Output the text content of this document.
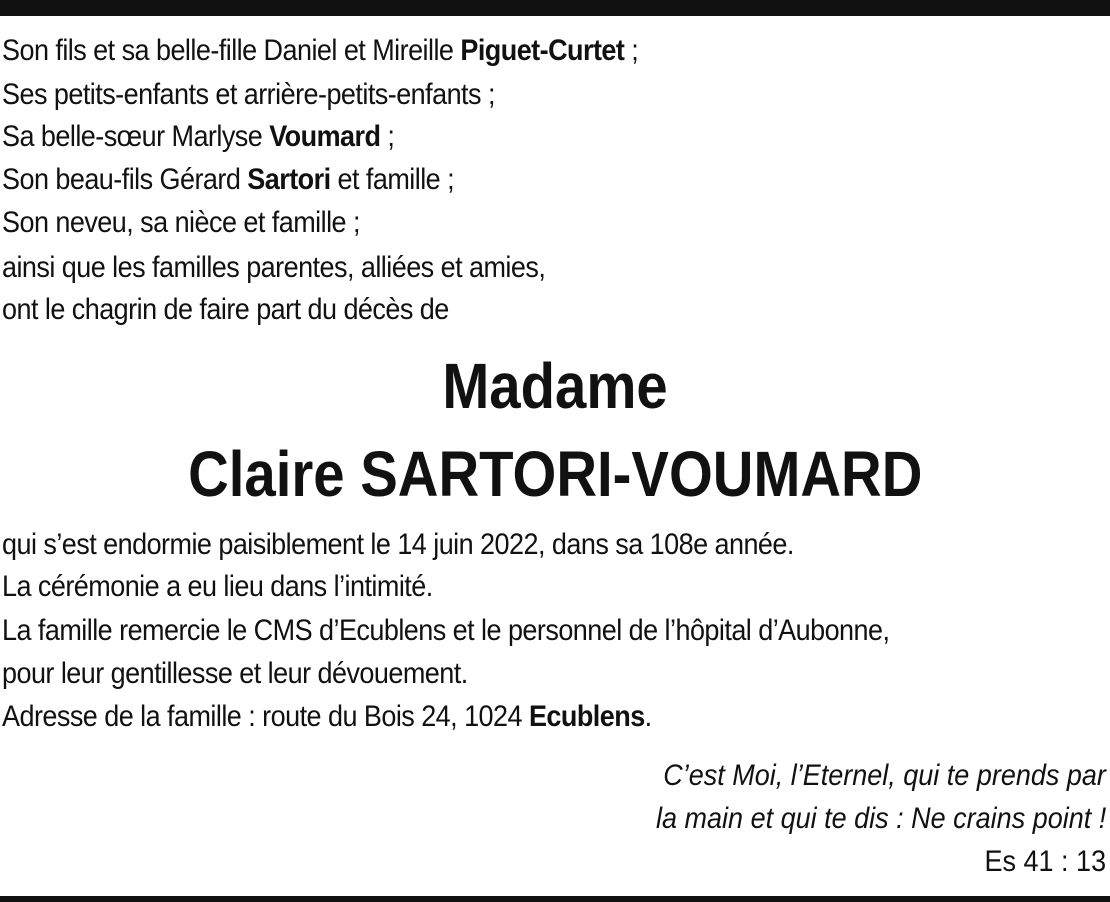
Son fils et sa belle-fille Daniel et Mireille Piguet-Curtet ;
Ses petits-enfants et arrière-petits-enfants ;
Sa belle-sœur Marlyse Voumard ;
Son beau-fils Gérard Sartori et famille ;
Son neveu, sa nièce et famille ;
ainsi que les familles parentes, alliées et amies,
ont le chagrin de faire part du décès de
Madame
Claire SARTORI-VOUMARD
qui s’est endormie paisiblement le 14 juin 2022, dans sa 108e année.
La cérémonie a eu lieu dans l’intimité.
La famille remercie le CMS d’Ecublens et le personnel de l’hôpital d’Aubonne,
pour leur gentillesse et leur dévouement.
Adresse de la famille : route du Bois 24, 1024 Ecublens.
C’est Moi, l’Eternel, qui te prends par
la main et qui te dis : Ne crains point !
Es 41 : 13
